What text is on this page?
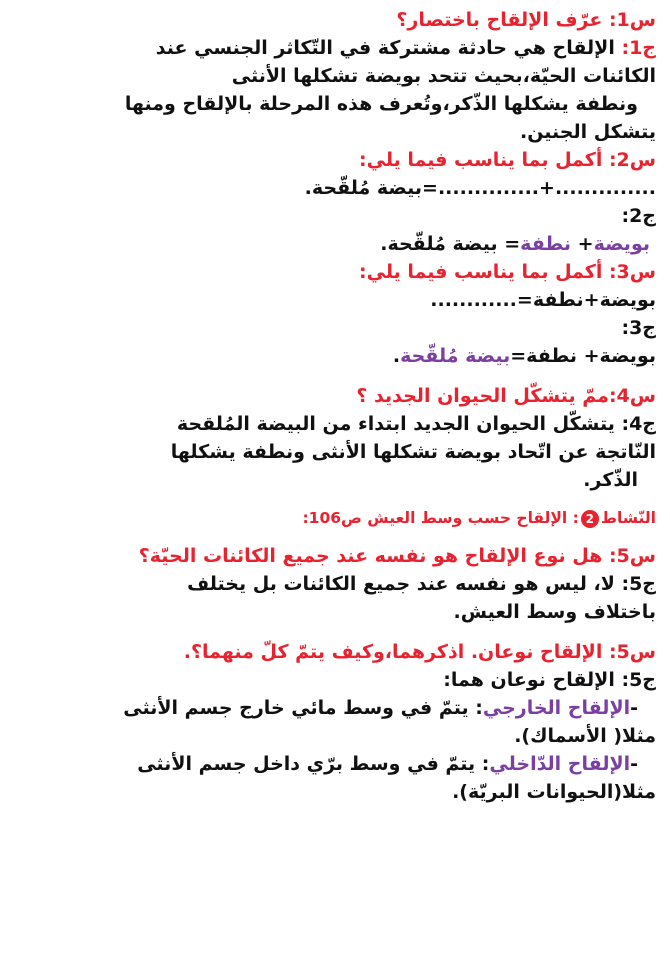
س1: عرّف الإلقاح باختصار؟

ج1: الإلقاح هي حادثة مشتركة في التّكاثر الجنسي عند

الكائنات الحيّة،بحيث تتحد بويضة تشكلها الأنثى

ونطفة يشكلها الذّكر،وتُعرف هذه المرحلة بالإلقاح ومنها

يتشكل الجنين.

س2: أكمل بما يناسب فيما يلي:

..............+..............=بيضة مُلقّحة.

ج2:

بويضة+ نطفة= بيضة مُلقّحة.

س3: أكمل بما يناسب فيما يلي:

بويضة+نطفة=............

ج3:

بويضة+ نطفة=بيضة مُلقّحة.

س4:ممّ يتشكّل الحيوان الجديد ؟

ج4: يتشكّل الحيوان الجديد ابتداء من البيضة المُلقحة

النّاتجة عن اتّحاد بويضة تشكلها الأنثى ونطفة يشكلها

الذّكر.

النّشاط2: الإلقاح حسب وسط العيش ص106:

س5: هل نوع الإلقاح هو نفسه عند جميع الكائنات الحيّة؟

ج5: لا، ليس هو نفسه عند جميع الكائنات بل يختلف

باختلاف وسط العيش.

س5: الإلقاح نوعان. اذكرهما،وكيف يتمّ كلّ منهما؟.

ج5: الإلقاح نوعان هما:

-الإلقاح الخارجي: يتمّ في وسط مائي خارج جسم الأنثى

مثلا( الأسماك).

-الإلقاح الدّاخلي: يتمّ في وسط برّي داخل جسم الأنثى

مثلا(الحيوانات البريّة).
